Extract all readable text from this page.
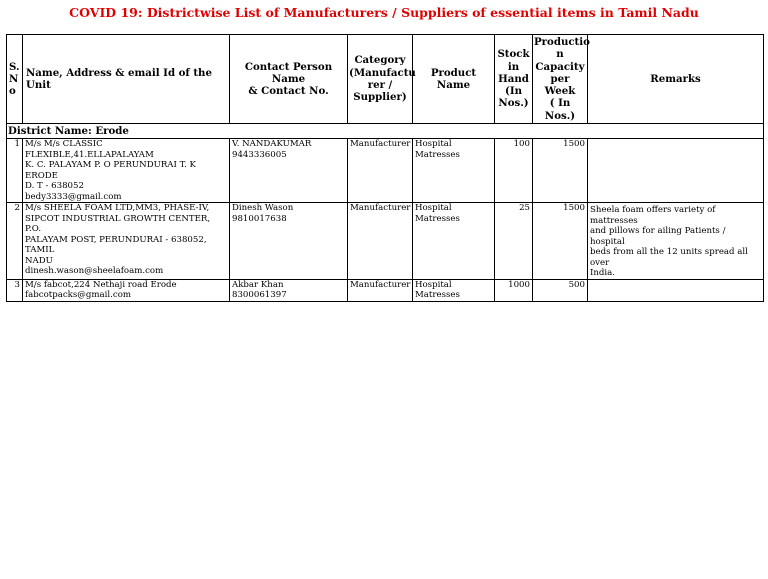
COVID 19: Districtwise List of Manufacturers / Suppliers of essential items in Tamil Nadu
S.
N
o	Name, Address & email Id of the Unit	Contact Person Name
& Contact No.	Category
(Manufactu
rer /
Supplier)	Product Name	Stock
in
Hand
(In
Nos.)	Productio
n
Capacity
per Week
( In Nos.)	Remarks
District Name: Erode							
1	M/s M/s CLASSIC FLEXIBLE,41.ELLAPALAYAM
K. C. PALAYAM P. O PERUNDURAI T. K ERODE
D. T - 638052
bedy3333@gmail.com	V. NANDAKUMAR
9443336005	Manufacturer	Hospital
Matresses	100	1500	
2	M/s SHEELA FOAM LTD,MM3, PHASE-IV,
SIPCOT INDUSTRIAL GROWTH CENTER, P.O.
PALAYAM POST, PERUNDURAI - 638052, TAMIL
NADU
dinesh.wason@sheelafoam.com	Dinesh Wason
9810017638	Manufacturer	Hospital
Matresses	25	1500	Sheela foam offers variety of mattresses
and pillows for ailing Patients / hospital
beds from all the 12 units spread all over
India.
3	M/s fabcot,224 Nethaji road Erode
fabcotpacks@gmail.com	Akbar Khan
8300061397	Manufacturer	Hospital
Matresses	1000	500	
